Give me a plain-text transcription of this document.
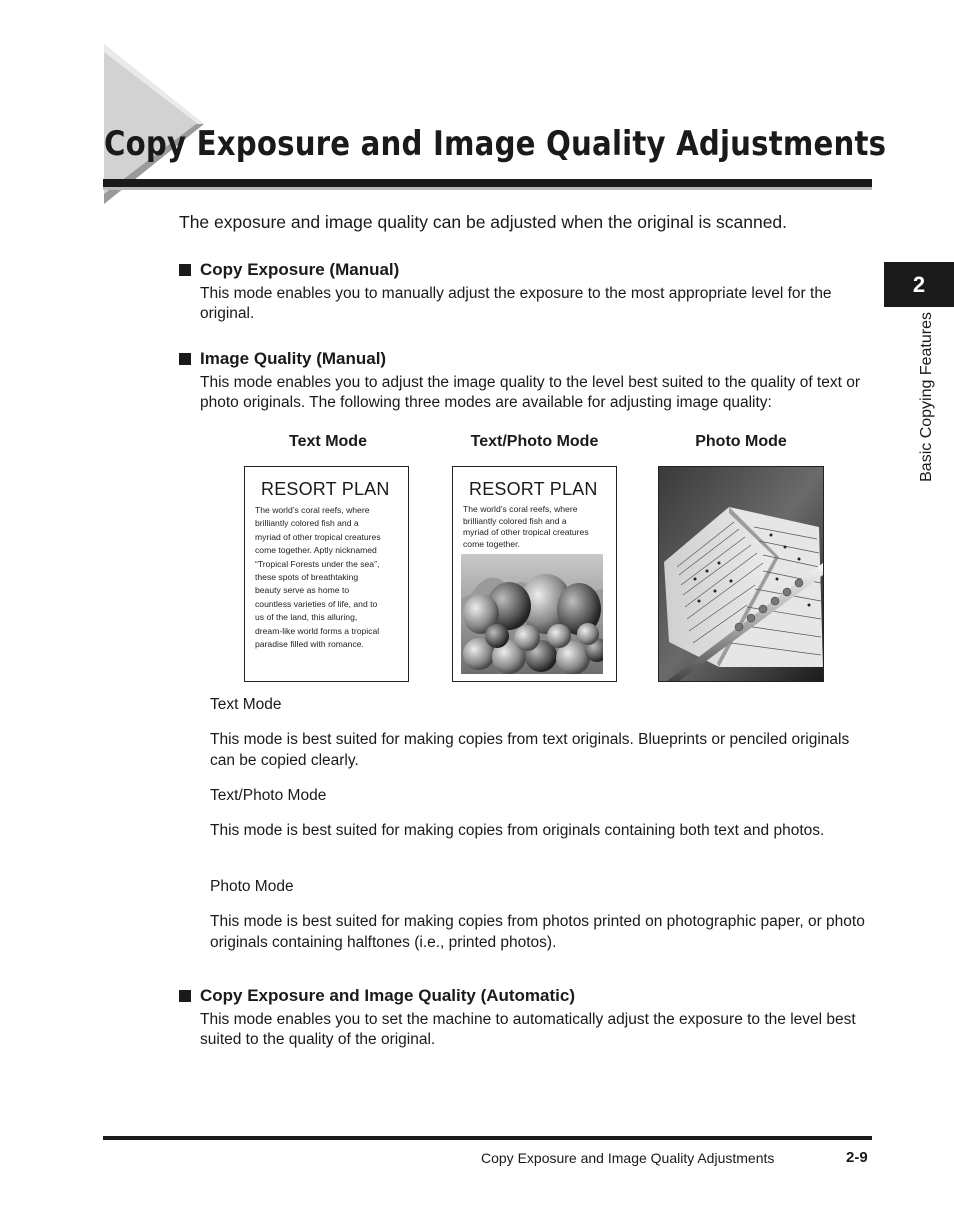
Copy Exposure and Image Quality Adjustments
The exposure and image quality can be adjusted when the original is scanned.
2
Basic Copying Features
Copy Exposure (Manual)
This mode enables you to manually adjust the exposure to the most appropriate level for the original.
Image Quality (Manual)
This mode enables you to adjust the image quality to the level best suited to the quality of text or photo originals. The following three modes are available for adjusting image quality:
Text Mode	Text/Photo Mode	Photo Mode
RESORT PLAN
The world’s coral reefs, where
brilliantly colored fish and a
myriad of other tropical creatures
come together. Aptly nicknamed
“Tropical Forests under the sea”,
these spots of breathtaking
beauty serve as home to
countless varieties of life, and to
us of the land, this alluring,
dream-like world forms a tropical
paradise filled with romance.
RESORT PLAN
The world’s coral reefs, where
brilliantly colored fish and a
myriad of other tropical creatures
come together.
Text Mode
This mode is best suited for making copies from text originals. Blueprints or penciled originals can be copied clearly.
Text/Photo Mode
This mode is best suited for making copies from originals containing both text and photos.
Photo Mode
This mode is best suited for making copies from photos printed on photographic paper, or photo originals containing halftones (i.e., printed photos).
Copy Exposure and Image Quality (Automatic)
This mode enables you to set the machine to automatically adjust the exposure to the level best suited to the quality of the original.
Copy Exposure and Image Quality Adjustments	2-9
